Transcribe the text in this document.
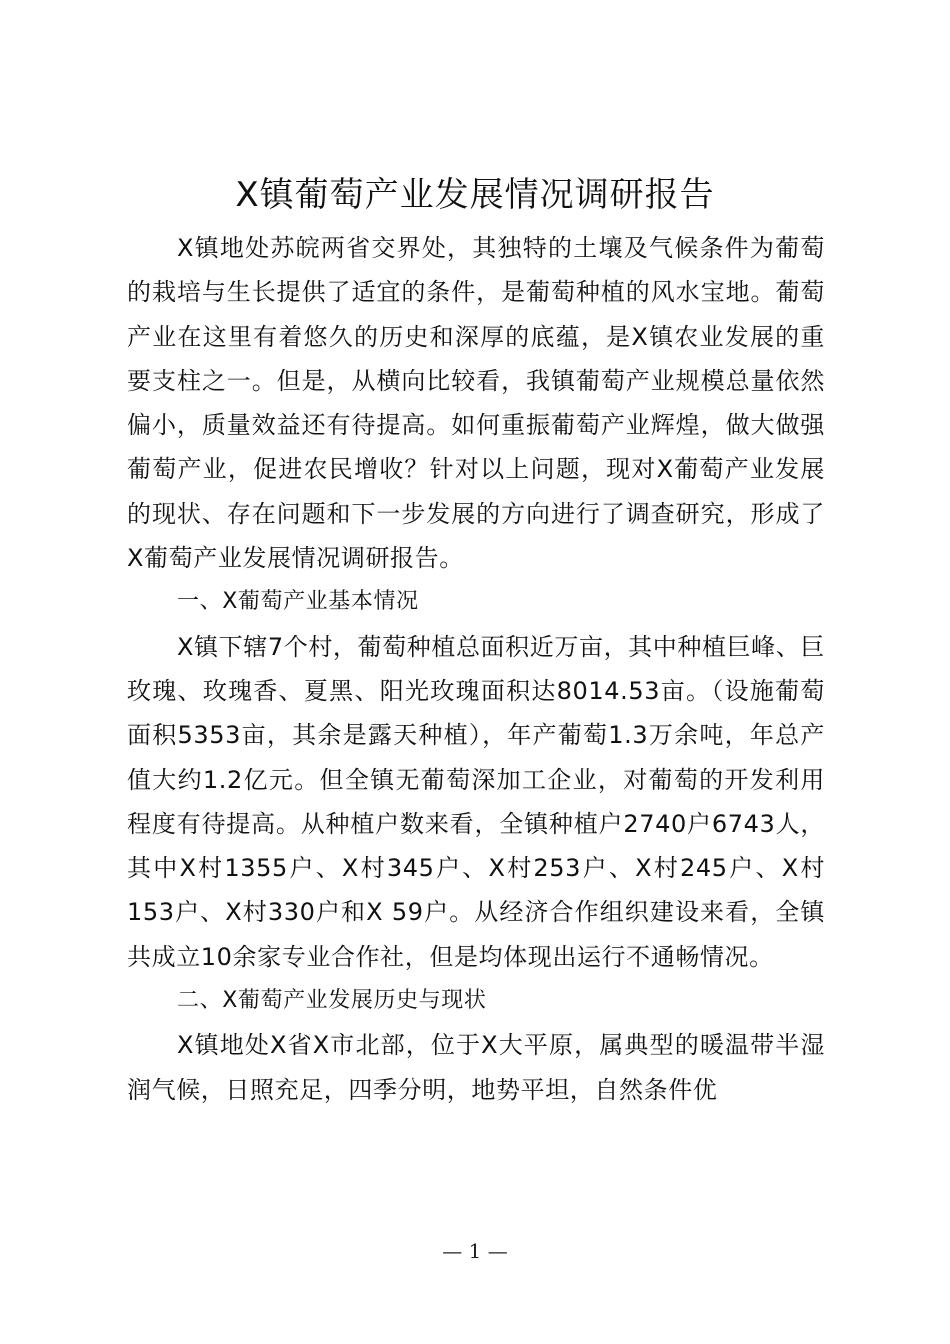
X镇葡萄产业发展情况调研报告

X镇地处苏皖两省交界处，其独特的土壤及气候条件为葡萄的栽培与生长提供了适宜的条件，是葡萄种植的风水宝地。葡萄产业在这里有着悠久的历史和深厚的底蕴，是X镇农业发展的重要支柱之一。但是，从横向比较看，我镇葡萄产业规模总量依然偏小，质量效益还有待提高。如何重振葡萄产业辉煌，做大做强葡萄产业，促进农民增收？针对以上问题，现对X葡萄产业发展的现状、存在问题和下一步发展的方向进行了调查研究，形成了X葡萄产业发展情况调研报告。

一、X葡萄产业基本情况

X镇下辖7个村，葡萄种植总面积近万亩，其中种植巨峰、巨玫瑰、玫瑰香、夏黑、阳光玫瑰面积达8014.53亩。（设施葡萄面积5353亩，其余是露天种植），年产葡萄1.3万余吨，年总产值大约1.2亿元。但全镇无葡萄深加工企业，对葡萄的开发利用程度有待提高。从种植户数来看，全镇种植户2740户6743人，其中X村1355户、X村345户、X村253户、X村245户、X村153户、X村330户和X 59户。从经济合作组织建设来看，全镇共成立10余家专业合作社，但是均体现出运行不通畅情况。

二、X葡萄产业发展历史与现状

X镇地处X省X市北部，位于X大平原，属典型的暖温带半湿润气候，日照充足，四季分明，地势平坦，自然条件优

— 1 —
